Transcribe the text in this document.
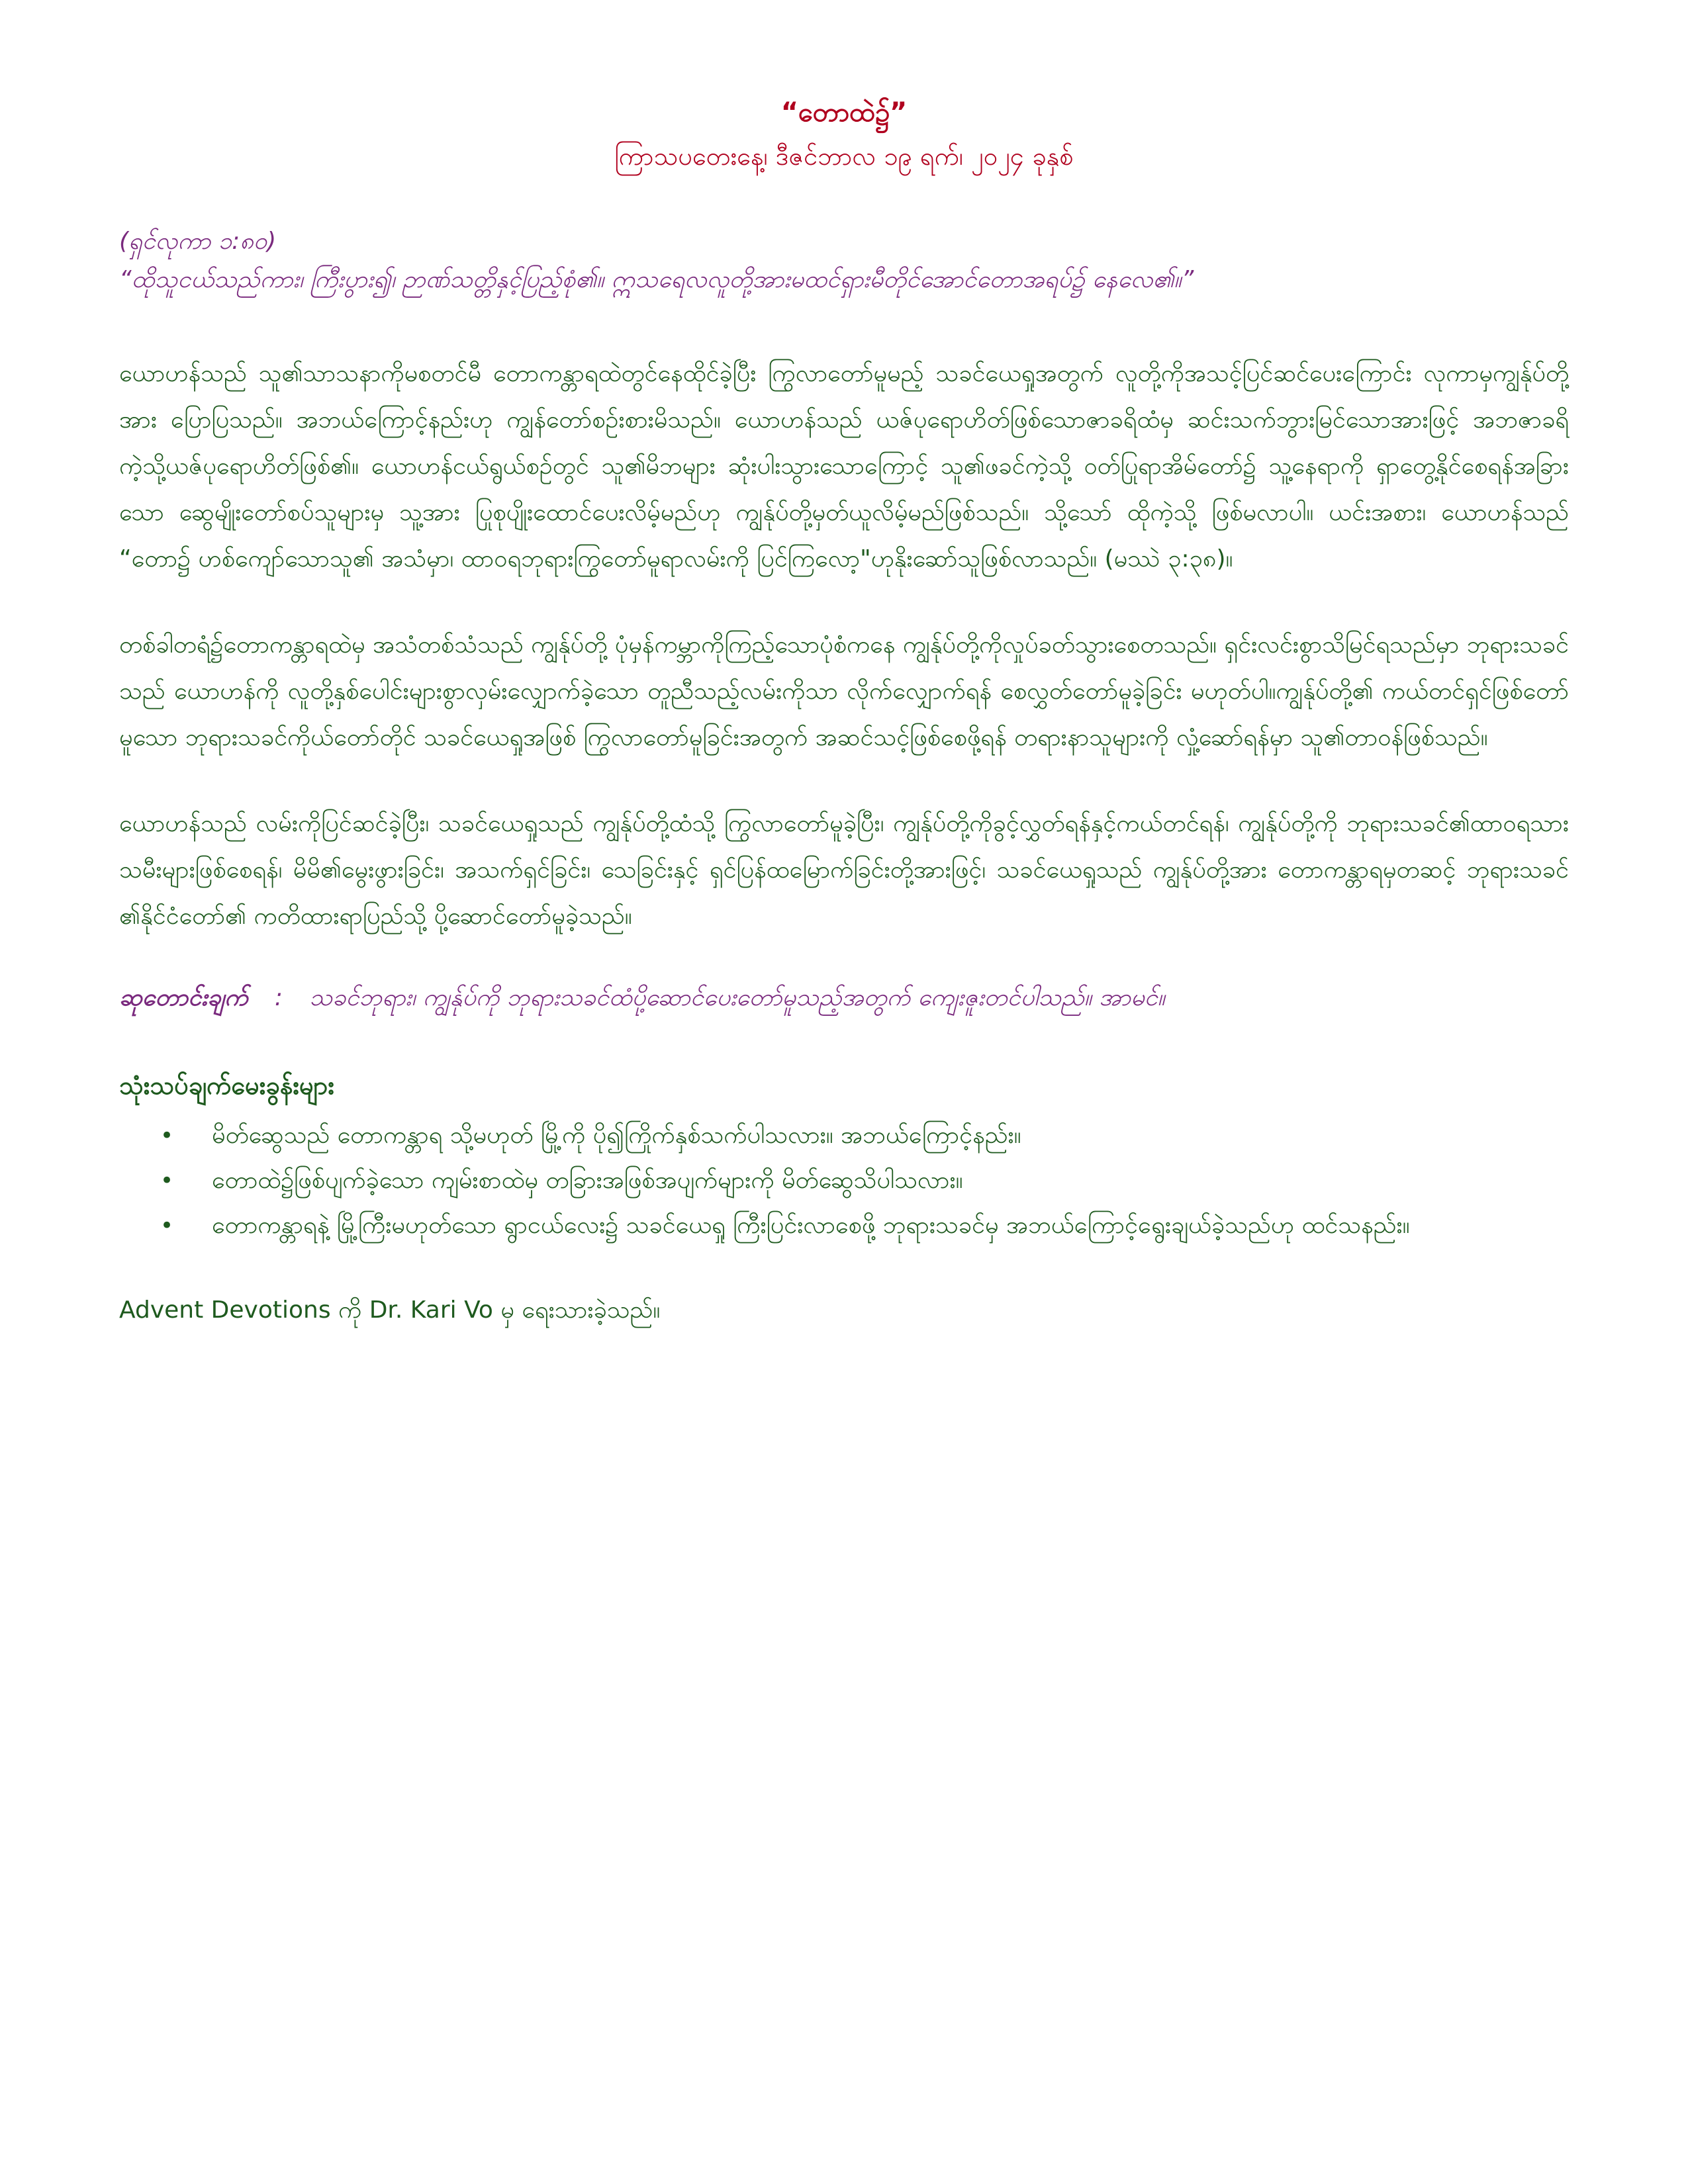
“တောထဲ၌”
ကြာသပတေးနေ့၊ ဒီဇင်ဘာလ ၁၉ ရက်၊ ၂၀၂၄ ခုနှစ်

(ရှင်လုကာ ၁:၈၀)

“ထိုသူငယ်သည်ကား၊ ကြီးပွား၍၊ ဉာဏ်သတ္တိနှင့်ပြည့်စုံ၏။ ဣသရေလလူတို့အားမထင်ရှားမီတိုင်အောင်တောအရပ်၌ နေလေ၏။”

ယောဟန်သည် သူ၏သာသနာကိုမစတင်မီ တောကန္တာရထဲတွင်နေထိုင်ခဲ့ပြီး ကြွလာတော်မူမည့် သခင်ယေရှုအတွက် လူတို့ကိုအသင့်ပြင်ဆင်ပေးကြောင်း လုကာမှကျွန်ုပ်တို့အား ပြောပြသည်။ အဘယ်ကြောင့်နည်းဟု ကျွန်တော်စဉ်းစားမိသည်။ ယောဟန်သည် ယဇ်ပုရောဟိတ်ဖြစ်သောဇာခရိထံမှ ဆင်းသက်ဘွားမြင်သောအားဖြင့် အဘဇာခရိကဲ့သို့ယဇ်ပုရောဟိတ်ဖြစ်၏။ ယောဟန်ငယ်ရွယ်စဉ်တွင် သူ၏မိဘများ ဆုံးပါးသွားသောကြောင့် သူ၏ဖခင်ကဲ့သို့ ဝတ်ပြုရာအိမ်တော်၌ သူ့နေရာကို ရှာတွေ့နိုင်စေရန်အခြားသော ဆွေမျိုးတော်စပ်သူများမှ သူ့အား ပြုစုပျိုးထောင်ပေးလိမ့်မည်ဟု ကျွန်ုပ်တို့မှတ်ယူလိမ့်မည်ဖြစ်သည်။ သို့သော် ထိုကဲ့သို့ ဖြစ်မလာပါ။ ယင်းအစား၊ ယောဟန်သည် “တော၌ ဟစ်ကျော်သောသူ၏ အသံမှာ၊ ထာဝရဘုရားကြွတော်မူရာလမ်းကို ပြင်ကြလော့"ဟုနိုးဆော်သူဖြစ်လာသည်။ (မဿဲ ၃:၃၈)။

တစ်ခါတရံ၌တောကန္တာရထဲမှ အသံတစ်သံသည် ကျွန်ုပ်တို့ ပုံမှန်ကမ္ဘာကိုကြည့်သောပုံစံကနေ ကျွန်ုပ်တို့ကိုလှုပ်ခတ်သွားစေတသည်။ ရှင်းလင်းစွာသိမြင်ရသည်မှာ ဘုရားသခင်သည် ယောဟန်ကို လူတို့နှစ်ပေါင်းများစွာလှမ်းလျှောက်ခဲ့သော တူညီသည့်လမ်းကိုသာ လိုက်လျှောက်ရန် စေလွှတ်တော်မူခဲ့ခြင်း မဟုတ်ပါ။ကျွန်ုပ်တို့၏ ကယ်တင်ရှင်ဖြစ်တော်မူသော ဘုရားသခင်ကိုယ်တော်တိုင် သခင်ယေရှုအဖြစ် ကြွလာတော်မူခြင်းအတွက် အဆင်သင့်ဖြစ်စေဖို့ရန် တရားနာသူများကို လှုံ့ဆော်ရန်မှာ သူ၏တာဝန်ဖြစ်သည်။

ယောဟန်သည် လမ်းကိုပြင်ဆင်ခဲ့ပြီး၊ သခင်ယေရှုသည် ကျွန်ုပ်တို့ထံသို့ ကြွလာတော်မူခဲ့ပြီး၊ ကျွန်ုပ်တို့ကိုခွင့်လွှတ်ရန်နှင့်ကယ်တင်ရန်၊ ကျွန်ုပ်တို့ကို ဘုရားသခင်၏ထာဝရသားသမီးများဖြစ်စေရန်၊ မိမိ၏မွေးဖွားခြင်း၊ အသက်ရှင်ခြင်း၊ သေခြင်းနှင့် ရှင်ပြန်ထမြောက်ခြင်းတို့အားဖြင့်၊ သခင်ယေရှုသည် ကျွန်ုပ်တို့အား တောကန္တာရမှတဆင့် ဘုရားသခင် ၏နိုင်ငံတော်၏ ကတိထားရာပြည်သို့ ပို့ဆောင်တော်မူခဲ့သည်။

ဆုတောင်းချက် : သခင်ဘုရား၊ ကျွန်ုပ်ကို ဘုရားသခင်ထံပို့ဆောင်ပေးတော်မူသည့်အတွက် ကျေးဇူးတင်ပါသည်။ အာမင်။
သုံးသပ်ချက်မေးခွန်းများ
• မိတ်ဆွေသည် တောကန္တာရ သို့မဟုတ် မြို့ကို ပို၍ကြိုက်နှစ်သက်ပါသလား။ အဘယ်ကြောင့်နည်း။
• တောထဲ၌ဖြစ်ပျက်ခဲ့သော ကျမ်းစာထဲမှ တခြားအဖြစ်အပျက်များကို မိတ်ဆွေသိပါသလား။
• တောကန္တာရနဲ့ မြို့ကြီးမဟုတ်သော ရွာငယ်လေး၌ သခင်ယေရှု ကြီးပြင်းလာစေဖို့ ဘုရားသခင်မှ အဘယ်ကြောင့်ရွေးချယ်ခဲ့သည်ဟု ထင်သနည်း။
Advent Devotions ကို Dr. Kari Vo မှ ရေးသားခဲ့သည်။
